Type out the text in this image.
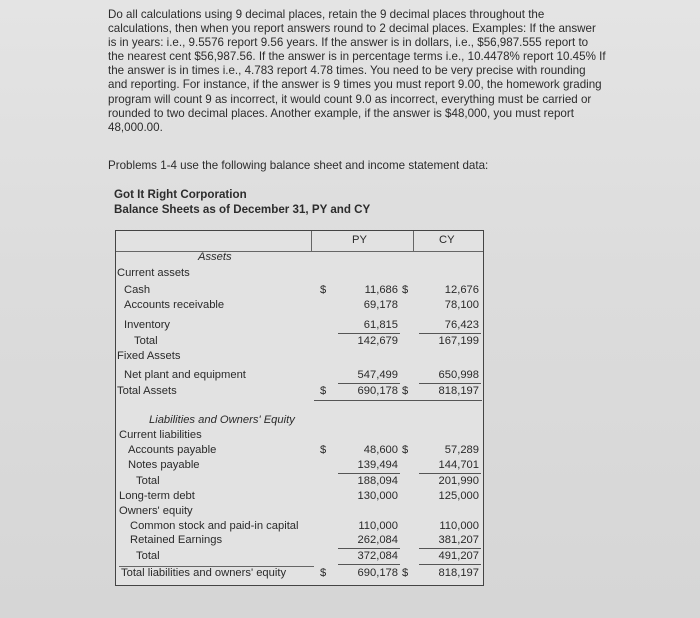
Do all calculations using 9 decimal places, retain the 9 decimal places throughout the

calculations, then when you report answers round to 2 decimal places. Examples: If the answer

is in years: i.e., 9.5576 report 9.56 years. If the answer is in dollars, i.e., $56,987.555 report to

the nearest cent $56,987.56. If the answer is in percentage terms i.e., 10.4478% report 10.45% If

the answer is in times i.e., 4.783 report 4.78 times. You need to be very precise with rounding

and reporting. For instance, if the answer is 9 times you must report 9.00, the homework grading

program will count 9 as incorrect, it would count 9.0 as incorrect, everything must be carried or

rounded to two decimal places. Another example, if the answer is $48,000, you must report

48,000.00.

Problems 1-4 use the following balance sheet and income statement data:
Got It Right Corporation
Balance Sheets as of December 31, PY and CY
PY	CY
Assets
Current assets
Cash	$	11,686 $	12,676
Accounts receivable	69,178	78,100
Inventory	61,815	76,423
Total	142,679	167,199
Fixed Assets
Net plant and equipment	547,499	650,998
Total Assets	$	690,178 $	818,197
Liabilities and Owners' Equity
Current liabilities
Accounts payable	$	48,600 $	57,289
Notes payable	139,494	144,701
Total	188,094	201,990
Long-term debt	130,000	125,000
Owners' equity
Common stock and paid-in capital	110,000	110,000
Retained Earnings	262,084	381,207
Total	372,084	491,207
Total liabilities and owners' equity	$	690,178 $	818,197
